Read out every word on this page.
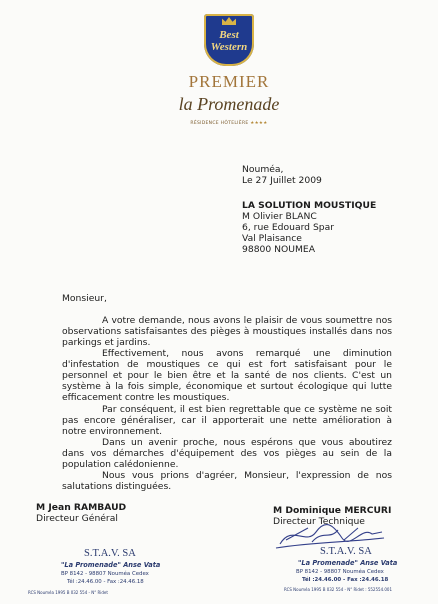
Best
Western
PREMIER
la Promenade
RÉSIDENCE HÔTELIÈRE ★★★★
Nouméa,
Le 27 Juillet 2009
LA SOLUTION MOUSTIQUE
M Olivier BLANC
6, rue Edouard Spar
Val Plaisance
98800 NOUMEA
Monsieur,

A votre demande, nous avons le plaisir de vous soumettre nos observations satisfaisantes des pièges à moustiques installés dans nos parkings et jardins.

Effectivement, nous avons remarqué une diminution d'infestation de moustiques ce qui est fort satisfaisant pour le personnel et pour le bien être et la santé de nos clients. C'est un système à la fois simple, économique et surtout écologique qui lutte efficacement contre les moustiques.

Par conséquent, il est bien regrettable que ce système ne soit pas encore généraliser, car il apporterait une nette amélioration à notre environnement.

Dans un avenir proche, nous espérons que vous aboutirez dans vos démarches d'équipement des vos pièges au sein de la population calédonienne.

Nous vous prions d'agréer, Monsieur, l'expression de nos salutations distinguées.

M Jean RAMBAUD
Directeur Général
M Dominique MERCURI
Directeur Technique
S.T.A.V. SA
"La Promenade" Anse Vata
BP 8142 - 98807 Nouméa Cedex
Tél :24.46.00 - Fax :24.46.18
RCS Nouméa 1995 B 032 554 - N° Ridet
S.T.A.V. SA
"La Promenade" Anse Vata
BP 8142 - 98807 Nouméa Cedex
Tél :24.46.00 - Fax :24.46.18
RCS Nouméa 1995 B 032 554 - N° Ridet : 552554.001
